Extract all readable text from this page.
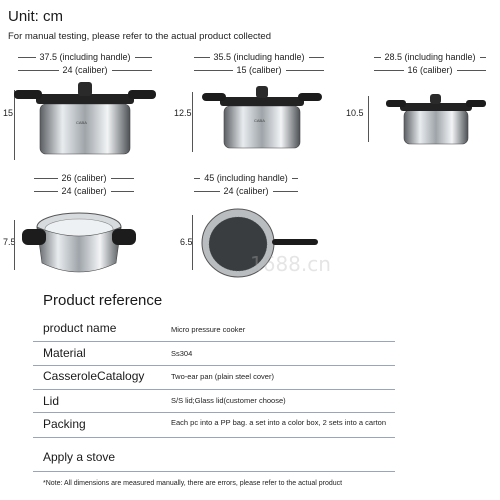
Unit: cm
For manual testing, please refer to the actual product collected
37.5 (including handle)
24 (caliber)
15
CABA
35.5 (including handle)
15 (caliber)
12.5
CABA
28.5 (including handle)
16 (caliber)
10.5
26 (caliber)
24 (caliber)
7.5
45 (including handle)
24 (caliber)
6.5
1688.cn
Product reference
product name	Micro pressure cooker
Material	Ss304
CasseroleCatalogy	Two-ear pan (plain steel cover)
Lid	S/S lid;Glass lid(customer choose)
Packing	Each pc into a PP bag. a set into a color box, 2 sets into a carton
Apply a stove
*Note: All dimensions are measured manually, there are errors, please refer to the actual product
